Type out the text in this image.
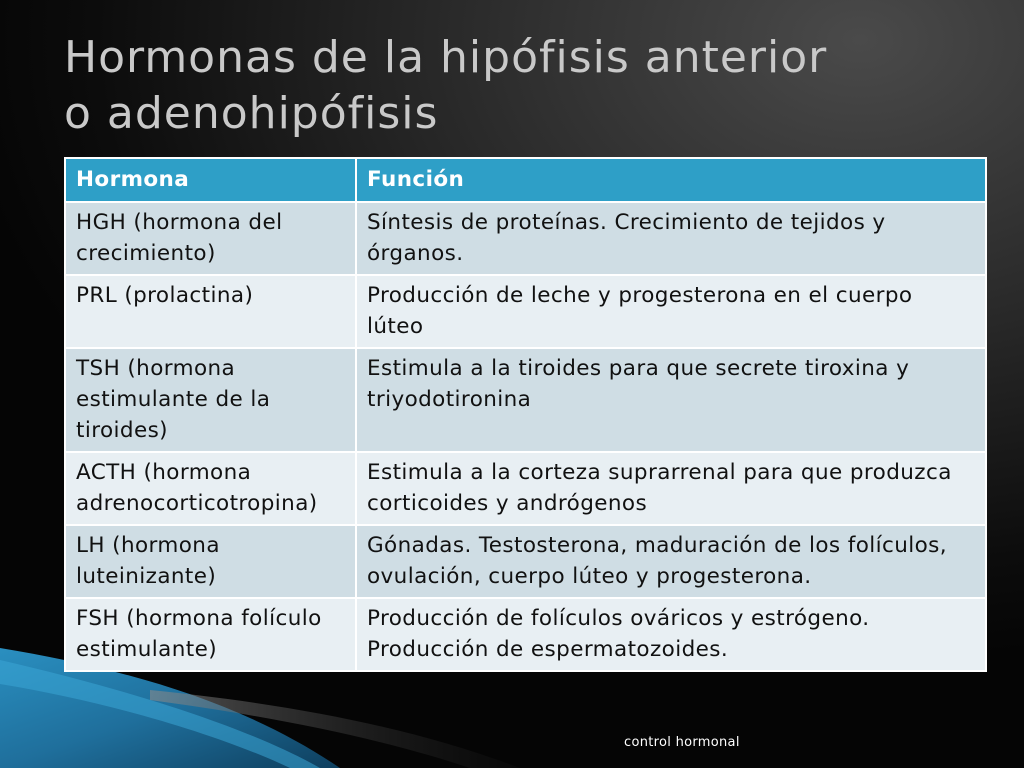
Hormonas de la hipófisis anterior
o adenohipófisis
Hormona	Función
HGH (hormona del crecimiento)	Síntesis de proteínas. Crecimiento de tejidos y órganos.
PRL (prolactina)	Producción de leche y progesterona en el cuerpo lúteo
TSH (hormona estimulante de la tiroides)	Estimula a la tiroides para que secrete tiroxina y triyodotironina
ACTH (hormona adrenocorticotropina)	Estimula a la corteza suprarrenal para que produzca corticoides y andrógenos
LH (hormona luteinizante)	Gónadas. Testosterona, maduración de los folículos, ovulación, cuerpo lúteo y progesterona.
FSH (hormona folículo estimulante)	Producción de folículos ováricos y estrógeno. Producción de espermatozoides.
control hormonal
